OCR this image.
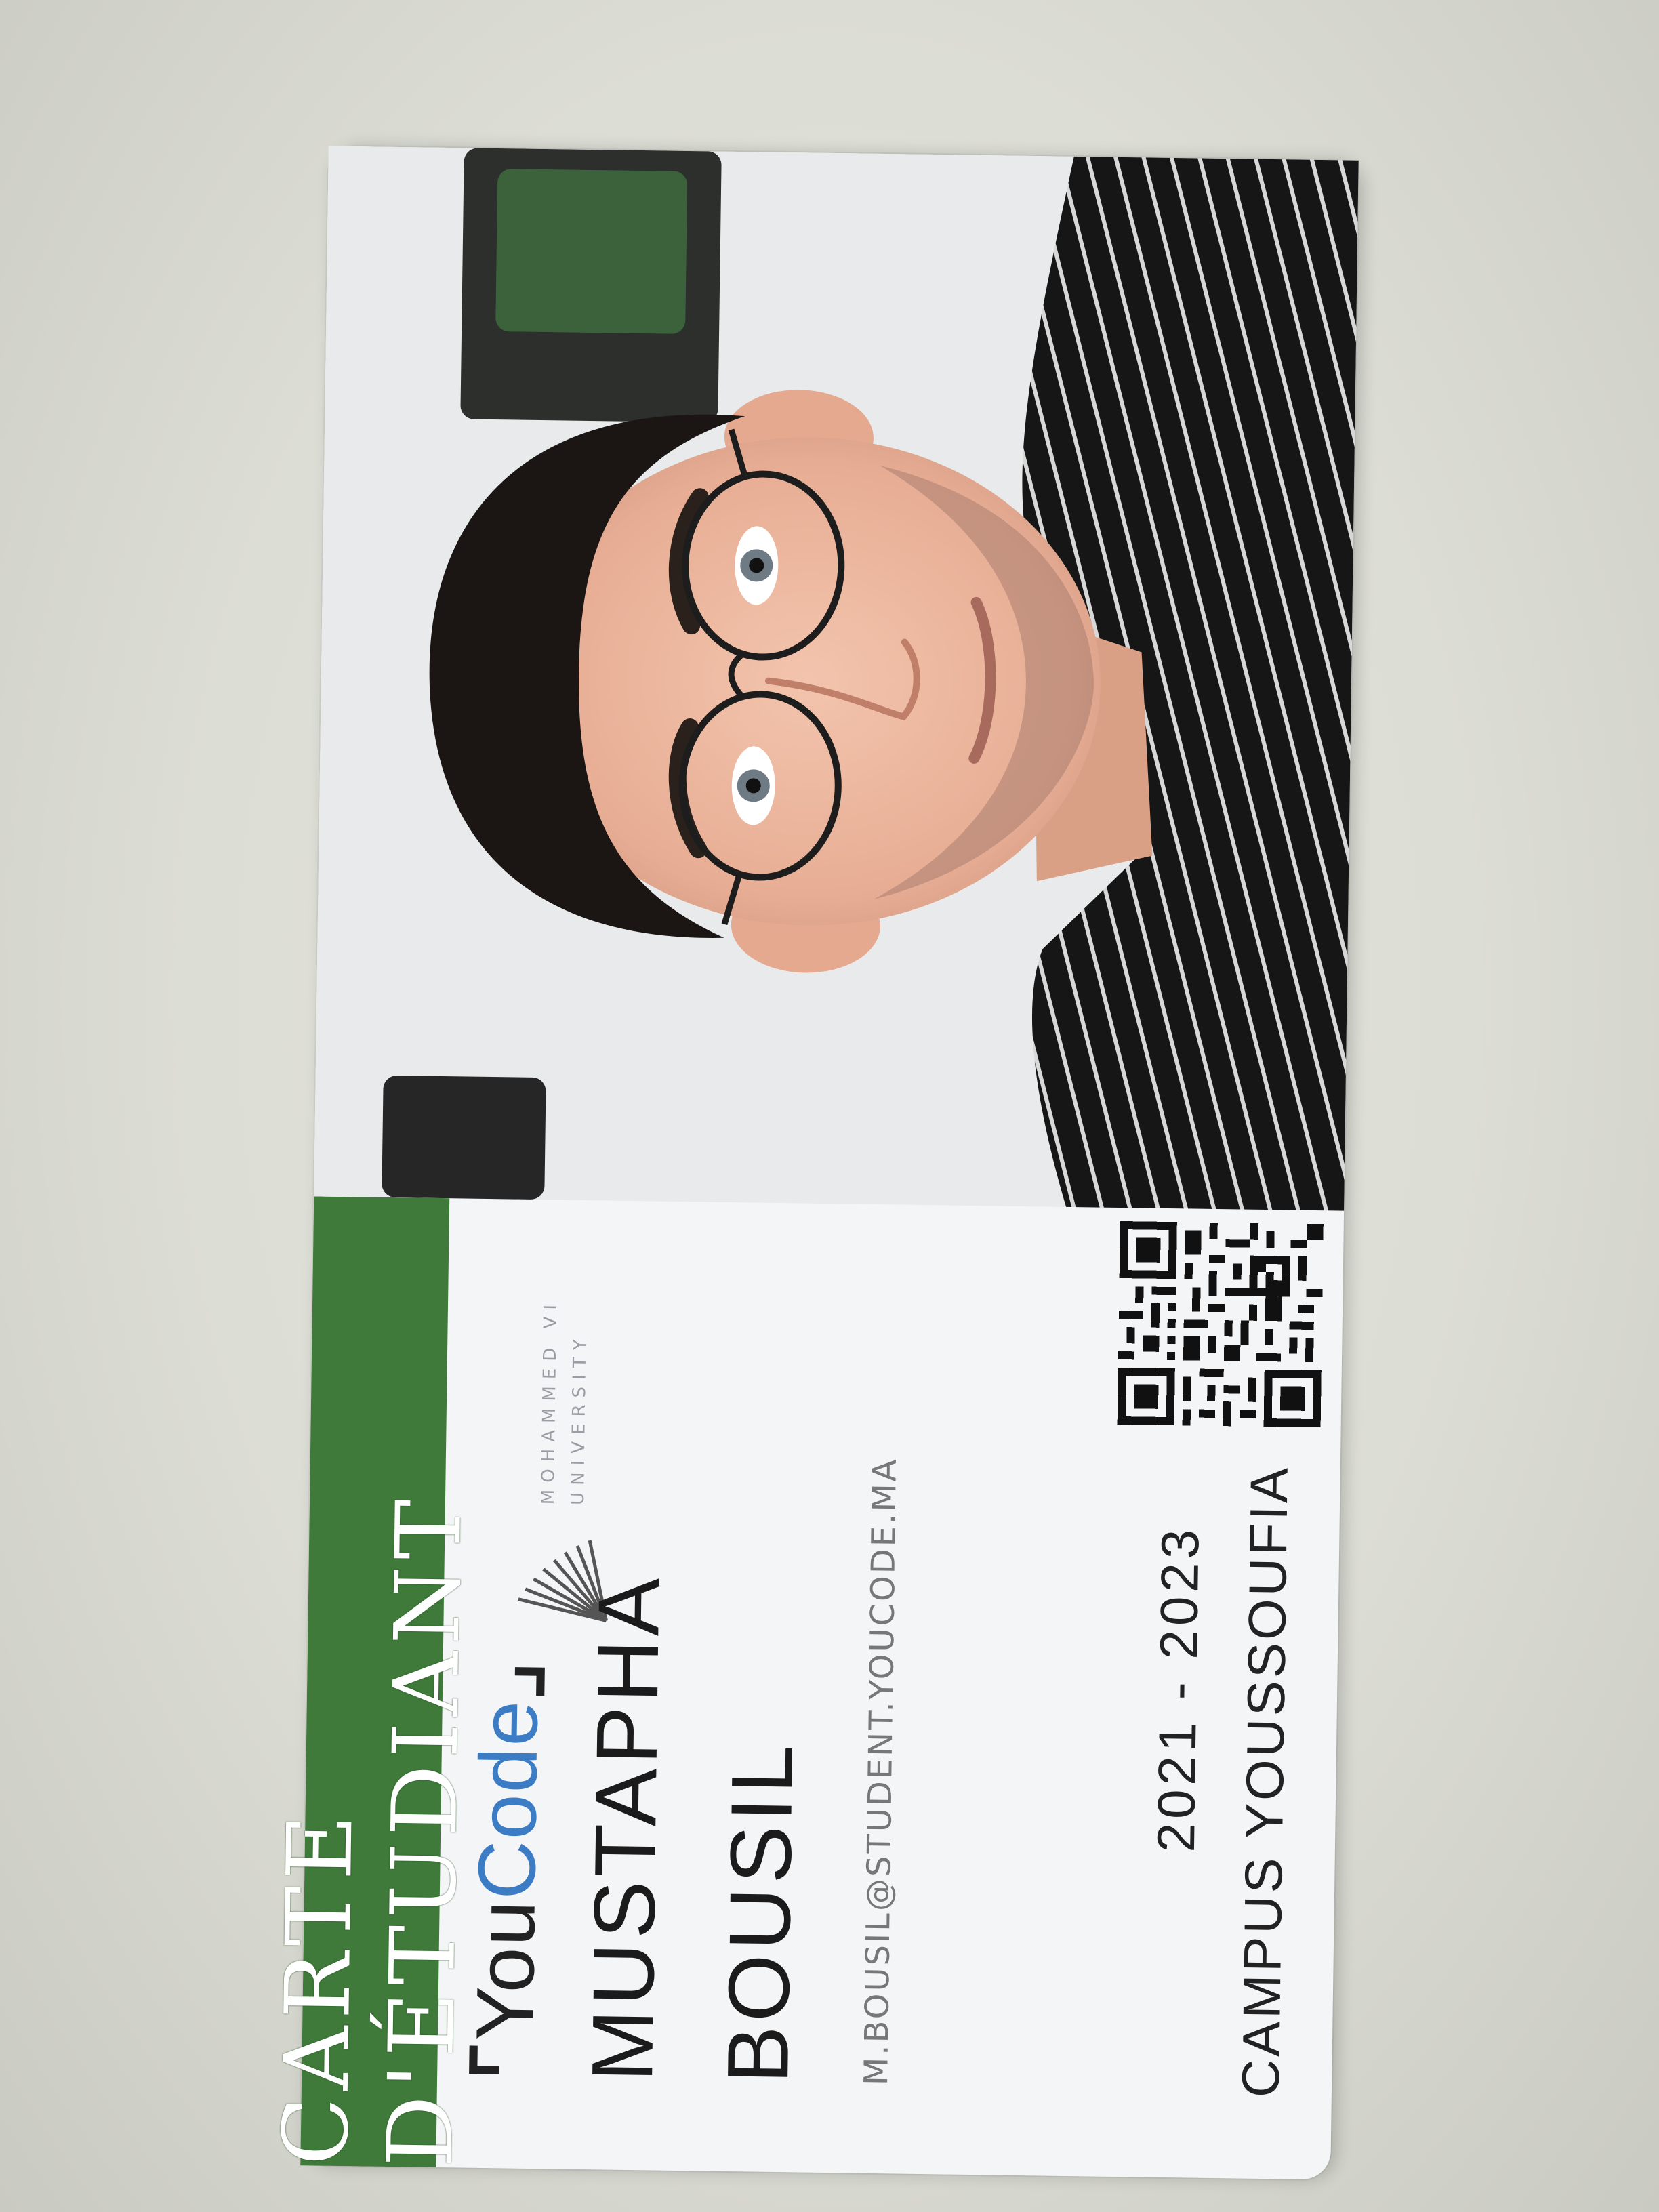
CARTE D'ÉTUDIANT
⌜YouCode⌟
MOHAMMED VI UNIVERSITY
MUSTAPHA BOUSIL M.BOUSIL@STUDENT.YOUCODE.MA	2021 - 2023 CAMPUS YOUSSOUFIA
